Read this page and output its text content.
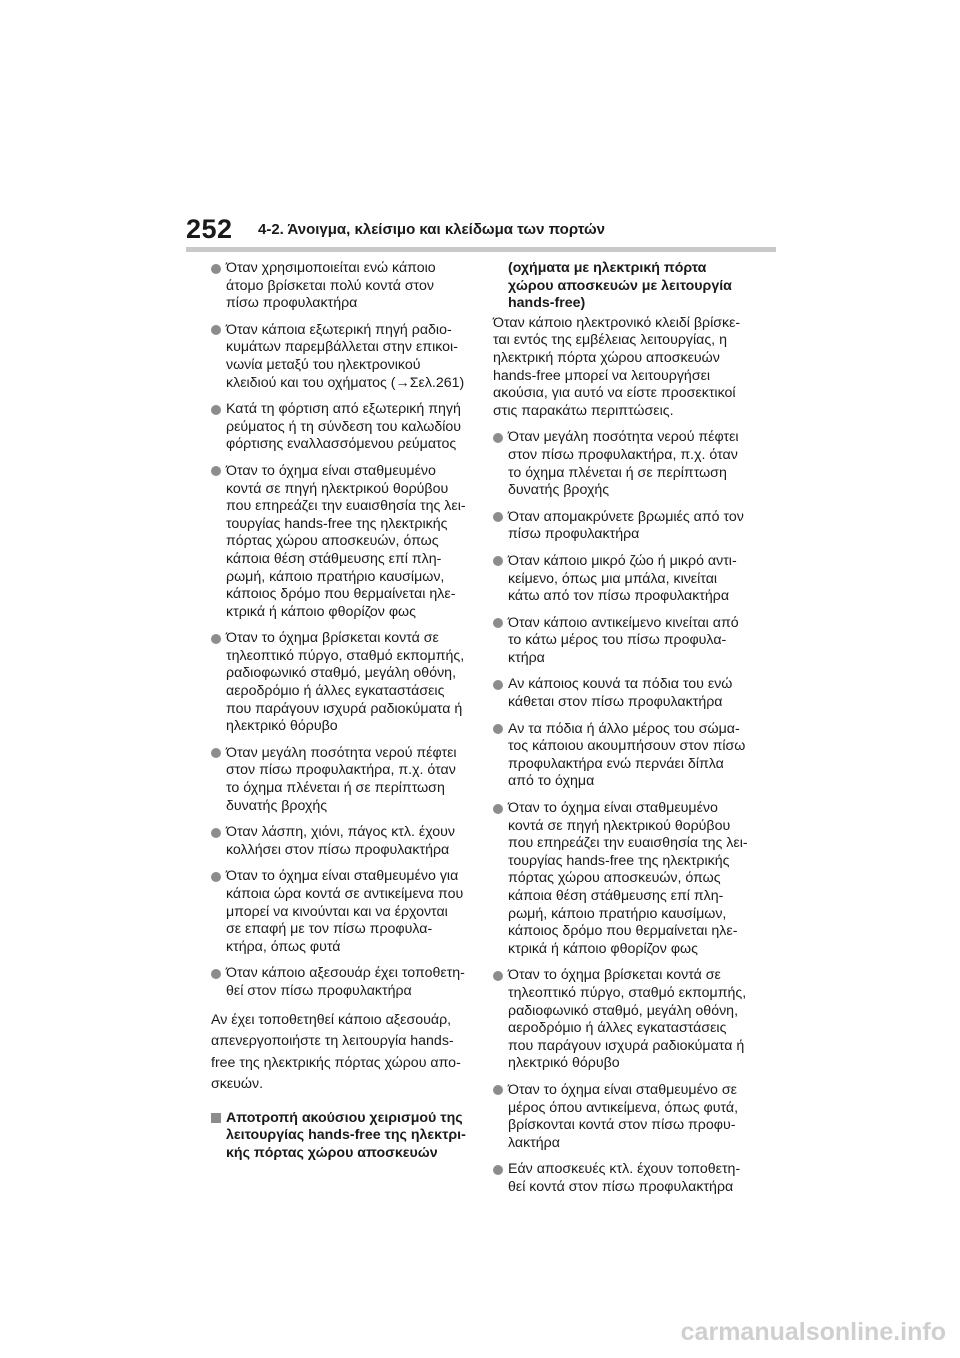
252 4-2. Άνοιγμα, κλείσιμο και κλείδωμα των πορτών
Όταν χρησιμοποιείται ενώ κάποιο
άτομο βρίσκεται πολύ κοντά στον
πίσω προφυλακτήρα
Όταν κάποια εξωτερική πηγή ραδιο-
κυμάτων παρεμβάλλεται στην επικοι-
νωνία μεταξύ του ηλεκτρονικού
κλειδιού και του οχήματος (→Σελ.261)
Κατά τη φόρτιση από εξωτερική πηγή
ρεύματος ή τη σύνδεση του καλωδίου
φόρτισης εναλλασσόμενου ρεύματος
Όταν το όχημα είναι σταθμευμένο
κοντά σε πηγή ηλεκτρικού θορύβου
που επηρεάζει την ευαισθησία της λει-
τουργίας hands-free της ηλεκτρικής
πόρτας χώρου αποσκευών, όπως
κάποια θέση στάθμευσης επί πλη-
ρωμή, κάποιο πρατήριο καυσίμων,
κάποιος δρόμο που θερμαίνεται ηλε-
κτρικά ή κάποιο φθορίζον φως
Όταν το όχημα βρίσκεται κοντά σε
τηλεοπτικό πύργο, σταθμό εκπομπής,
ραδιοφωνικό σταθμό, μεγάλη οθόνη,
αεροδρόμιο ή άλλες εγκαταστάσεις
που παράγουν ισχυρά ραδιοκύματα ή
ηλεκτρικό θόρυβο
Όταν μεγάλη ποσότητα νερού πέφτει
στον πίσω προφυλακτήρα, π.χ. όταν
το όχημα πλένεται ή σε περίπτωση
δυνατής βροχής
Όταν λάσπη, χιόνι, πάγος κτλ. έχουν
κολλήσει στον πίσω προφυλακτήρα
Όταν το όχημα είναι σταθμευμένο για
κάποια ώρα κοντά σε αντικείμενα που
μπορεί να κινούνται και να έρχονται
σε επαφή με τον πίσω προφυλα-
κτήρα, όπως φυτά
Όταν κάποιο αξεσουάρ έχει τοποθετη-
θεί στον πίσω προφυλακτήρα
Αν έχει τοποθετηθεί κάποιο αξεσουάρ,
απενεργοποιήστε τη λειτουργία hands-
free της ηλεκτρικής πόρτας χώρου απο-
σκευών.
Αποτροπή ακούσιου χειρισμού της
λειτουργίας hands-free της ηλεκτρι-
κής πόρτας χώρου αποσκευών
(οχήματα με ηλεκτρική πόρτα
χώρου αποσκευών με λειτουργία
hands-free)
Όταν κάποιο ηλεκτρονικό κλειδί βρίσκε-
ται εντός της εμβέλειας λειτουργίας, η
ηλεκτρική πόρτα χώρου αποσκευών
hands-free μπορεί να λειτουργήσει
ακούσια, για αυτό να είστε προσεκτικοί
στις παρακάτω περιπτώσεις.
Όταν μεγάλη ποσότητα νερού πέφτει
στον πίσω προφυλακτήρα, π.χ. όταν
το όχημα πλένεται ή σε περίπτωση
δυνατής βροχής
Όταν απομακρύνετε βρωμιές από τον
πίσω προφυλακτήρα
Όταν κάποιο μικρό ζώο ή μικρό αντι-
κείμενο, όπως μια μπάλα, κινείται
κάτω από τον πίσω προφυλακτήρα
Όταν κάποιο αντικείμενο κινείται από
το κάτω μέρος του πίσω προφυλα-
κτήρα
Αν κάποιος κουνά τα πόδια του ενώ
κάθεται στον πίσω προφυλακτήρα
Αν τα πόδια ή άλλο μέρος του σώμα-
τος κάποιου ακουμπήσουν στον πίσω
προφυλακτήρα ενώ περνάει δίπλα
από το όχημα
Όταν το όχημα είναι σταθμευμένο
κοντά σε πηγή ηλεκτρικού θορύβου
που επηρεάζει την ευαισθησία της λει-
τουργίας hands-free της ηλεκτρικής
πόρτας χώρου αποσκευών, όπως
κάποια θέση στάθμευσης επί πλη-
ρωμή, κάποιο πρατήριο καυσίμων,
κάποιος δρόμο που θερμαίνεται ηλε-
κτρικά ή κάποιο φθορίζον φως
Όταν το όχημα βρίσκεται κοντά σε
τηλεοπτικό πύργο, σταθμό εκπομπής,
ραδιοφωνικό σταθμό, μεγάλη οθόνη,
αεροδρόμιο ή άλλες εγκαταστάσεις
που παράγουν ισχυρά ραδιοκύματα ή
ηλεκτρικό θόρυβο
Όταν το όχημα είναι σταθμευμένο σε
μέρος όπου αντικείμενα, όπως φυτά,
βρίσκονται κοντά στον πίσω προφυ-
λακτήρα
Εάν αποσκευές κτλ. έχουν τοποθετη-
θεί κοντά στον πίσω προφυλακτήρα
carmanualsonline.info
